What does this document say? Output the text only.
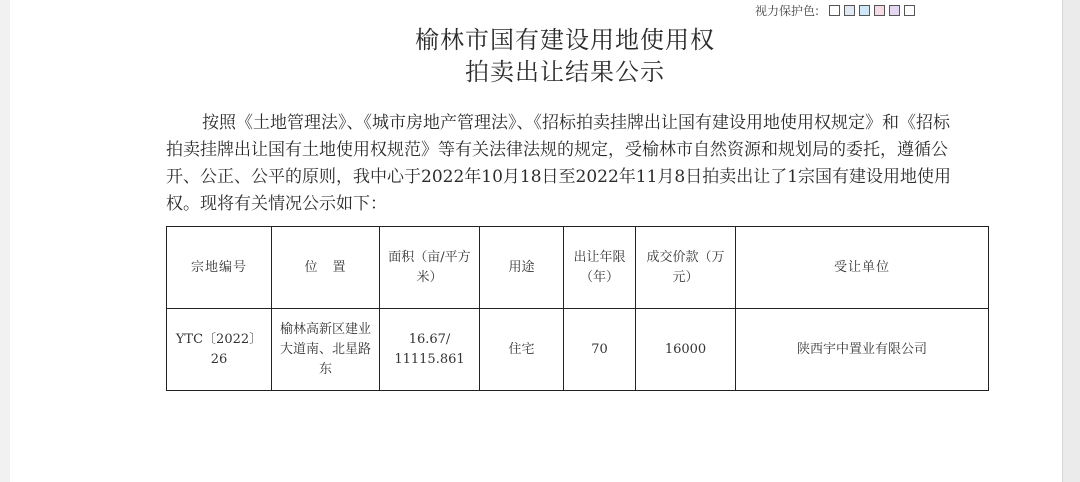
视力保护色:
榆林市国有建设用地使用权
拍卖出让结果公示

按照《土地管理法》、《城市房地产管理法》、《招标拍卖挂牌出让国有建设用地使用权规定》和《招标拍卖挂牌出让国有土地使用权规范》等有关法律法规的规定，受榆林市自然资源和规划局的委托，遵循公开、公正、公平的原则，我中心于2022年10月18日至2022年11月8日拍卖出让了1宗国有建设用地使用权。现将有关情况公示如下：

宗地编号	位　置	面积（亩/平方米）	用途	出让年限（年）	成交价款（万元）	受让单位
YTC〔2022〕26	榆林高新区建业大道南、北星路东	16.67/ 11115.861	住宅	70	16000	陕西宇中置业有限公司
